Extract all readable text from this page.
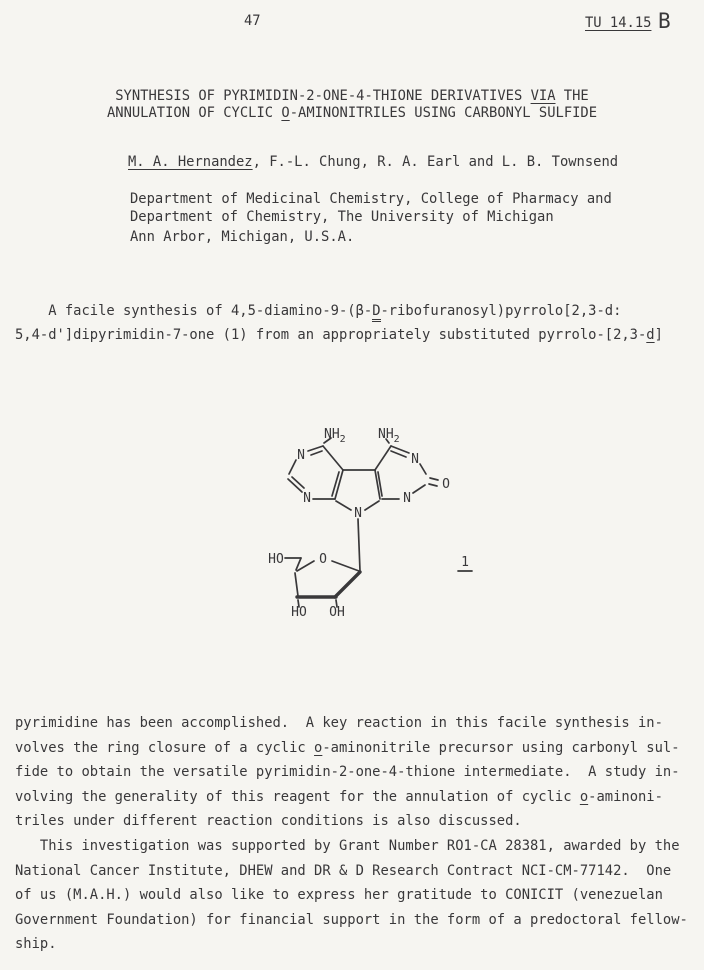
47	TU 14.15 B
SYNTHESIS OF PYRIMIDIN-2-ONE-4-THIONE DERIVATIVES VIA THE
ANNULATION OF CYCLIC O-AMINONITRILES USING CARBONYL SULFIDE
M. A. Hernandez, F.-L. Chung, R. A. Earl and L. B. Townsend
Department of Medicinal Chemistry, College of Pharmacy and
Department of Chemistry, The University of Michigan
Ann Arbor, Michigan, U.S.A.
A facile synthesis of 4,5-diamino-9-(β-D-ribofuranosyl)pyrrolo[2,3-d:
5,4-d']dipyrimidin-7-one (1) from an appropriately substituted pyrrolo-[2,3-d]
$NH_2$ $NH_2$
N
N
N
N
N
O
HO	O
HO OH
1
pyrimidine has been accomplished.  A key reaction in this facile synthesis in-
volves the ring closure of a cyclic o-aminonitrile precursor using carbonyl sul-
fide to obtain the versatile pyrimidin-2-one-4-thione intermediate.  A study in-
volving the generality of this reagent for the annulation of cyclic o-aminoni-
triles under different reaction conditions is also discussed.
This investigation was supported by Grant Number RO1-CA 28381, awarded by the
National Cancer Institute, DHEW and DR & D Research Contract NCI-CM-77142.  One
of us (M.A.H.) would also like to express her gratitude to CONICIT (venezuelan
Government Foundation) for financial support in the form of a predoctoral fellow-
ship.
